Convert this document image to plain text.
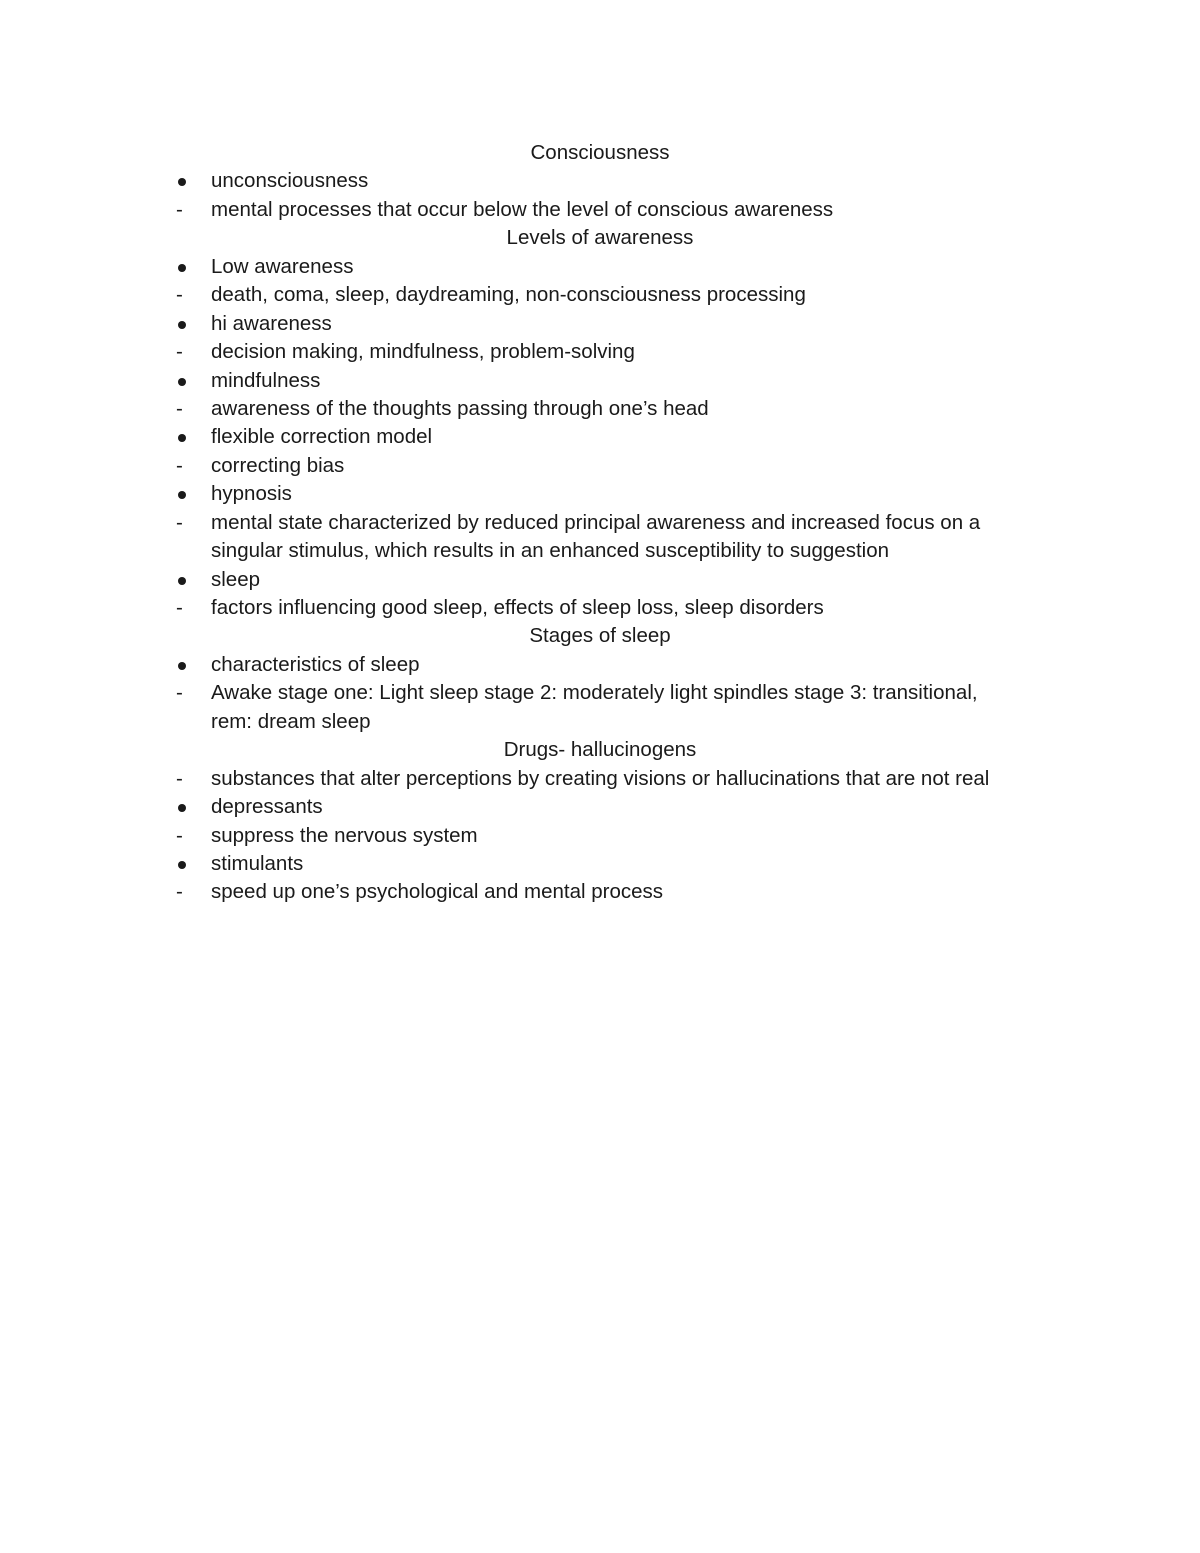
Consciousness
unconsciousness
-	mental processes that occur below the level of conscious awareness
Levels of awareness
Low awareness
-	death, coma, sleep, daydreaming, non-consciousness processing
hi awareness
-	decision making, mindfulness, problem-solving
mindfulness
-	awareness of the thoughts passing through one’s head
flexible correction model
-	correcting bias
hypnosis
-	mental state characterized by reduced principal awareness and increased focus on a
singular stimulus, which results in an enhanced susceptibility to suggestion
sleep
-	factors influencing good sleep, effects of sleep loss, sleep disorders
Stages of sleep
characteristics of sleep
-	Awake stage one: Light sleep stage 2: moderately light spindles stage 3: transitional,
rem: dream sleep
Drugs- hallucinogens
-	substances that alter perceptions by creating visions or hallucinations that are not real
depressants
-	suppress the nervous system
stimulants
-	speed up one’s psychological and mental process
